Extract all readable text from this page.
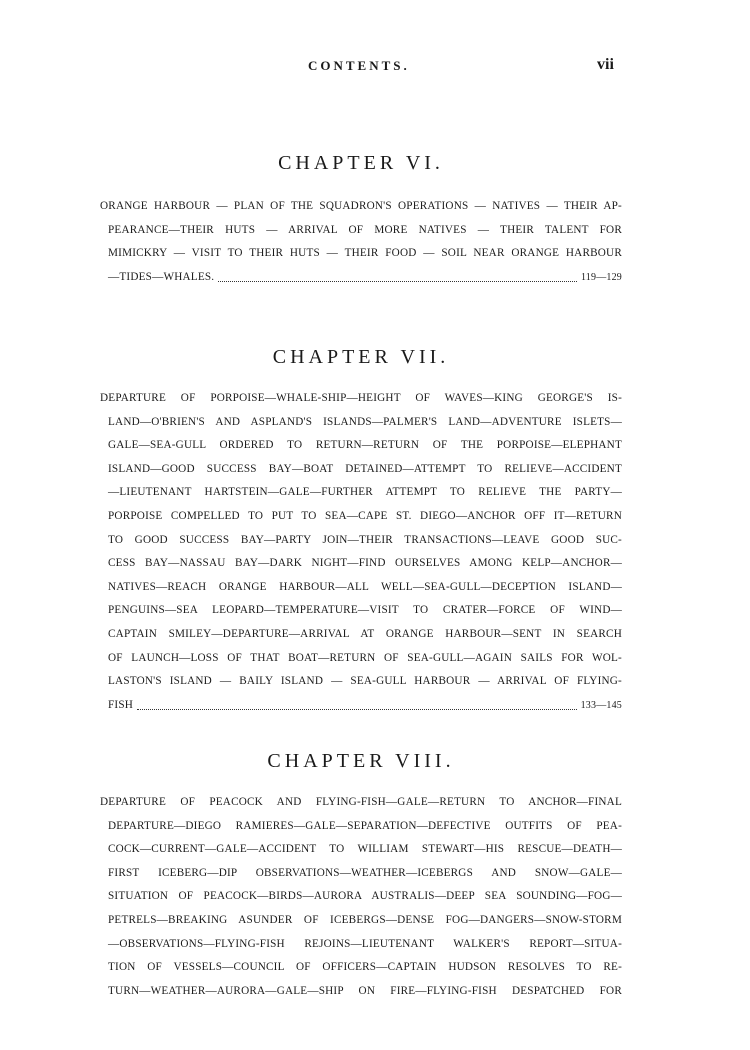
CONTENTS.	vii
CHAPTER VI.
ORANGE HARBOUR — PLAN OF THE SQUADRON'S OPERATIONS — NATIVES — THEIR AP-
PEARANCE—THEIR HUTS — ARRIVAL OF MORE NATIVES — THEIR TALENT FOR
MIMICKRY — VISIT TO THEIR HUTS — THEIR FOOD — SOIL NEAR ORANGE HARBOUR
—TIDES—WHALES.	119—129
CHAPTER VII.
DEPARTURE OF PORPOISE—WHALE-SHIP—HEIGHT OF WAVES—KING GEORGE'S IS-
LAND—O'BRIEN'S AND ASPLAND'S ISLANDS—PALMER'S LAND—ADVENTURE ISLETS—
GALE—SEA-GULL ORDERED TO RETURN—RETURN OF THE PORPOISE—ELEPHANT
ISLAND—GOOD SUCCESS BAY—BOAT DETAINED—ATTEMPT TO RELIEVE—ACCIDENT
—LIEUTENANT HARTSTEIN—GALE—FURTHER ATTEMPT TO RELIEVE THE PARTY—
PORPOISE COMPELLED TO PUT TO SEA—CAPE ST. DIEGO—ANCHOR OFF IT—RETURN
TO GOOD SUCCESS BAY—PARTY JOIN—THEIR TRANSACTIONS—LEAVE GOOD SUC-
CESS BAY—NASSAU BAY—DARK NIGHT—FIND OURSELVES AMONG KELP—ANCHOR—
NATIVES—REACH ORANGE HARBOUR—ALL WELL—SEA-GULL—DECEPTION ISLAND—
PENGUINS—SEA LEOPARD—TEMPERATURE—VISIT TO CRATER—FORCE OF WIND—
CAPTAIN SMILEY—DEPARTURE—ARRIVAL AT ORANGE HARBOUR—SENT IN SEARCH
OF LAUNCH—LOSS OF THAT BOAT—RETURN OF SEA-GULL—AGAIN SAILS FOR WOL-
LASTON'S ISLAND — BAILY ISLAND — SEA-GULL HARBOUR — ARRIVAL OF FLYING-
FISH	133—145
CHAPTER VIII.
DEPARTURE OF PEACOCK AND FLYING-FISH—GALE—RETURN TO ANCHOR—FINAL
DEPARTURE—DIEGO RAMIERES—GALE—SEPARATION—DEFECTIVE OUTFITS OF PEA-
COCK—CURRENT—GALE—ACCIDENT TO WILLIAM STEWART—HIS RESCUE—DEATH—
FIRST ICEBERG—DIP OBSERVATIONS—WEATHER—ICEBERGS AND SNOW—GALE—
SITUATION OF PEACOCK—BIRDS—AURORA AUSTRALIS—DEEP SEA SOUNDING—FOG—
PETRELS—BREAKING ASUNDER OF ICEBERGS—DENSE FOG—DANGERS—SNOW-STORM
—OBSERVATIONS—FLYING-FISH REJOINS—LIEUTENANT WALKER'S REPORT—SITUA-
TION OF VESSELS—COUNCIL OF OFFICERS—CAPTAIN HUDSON RESOLVES TO RE-
TURN—WEATHER—AURORA—GALE—SHIP ON FIRE—FLYING-FISH DESPATCHED FOR
